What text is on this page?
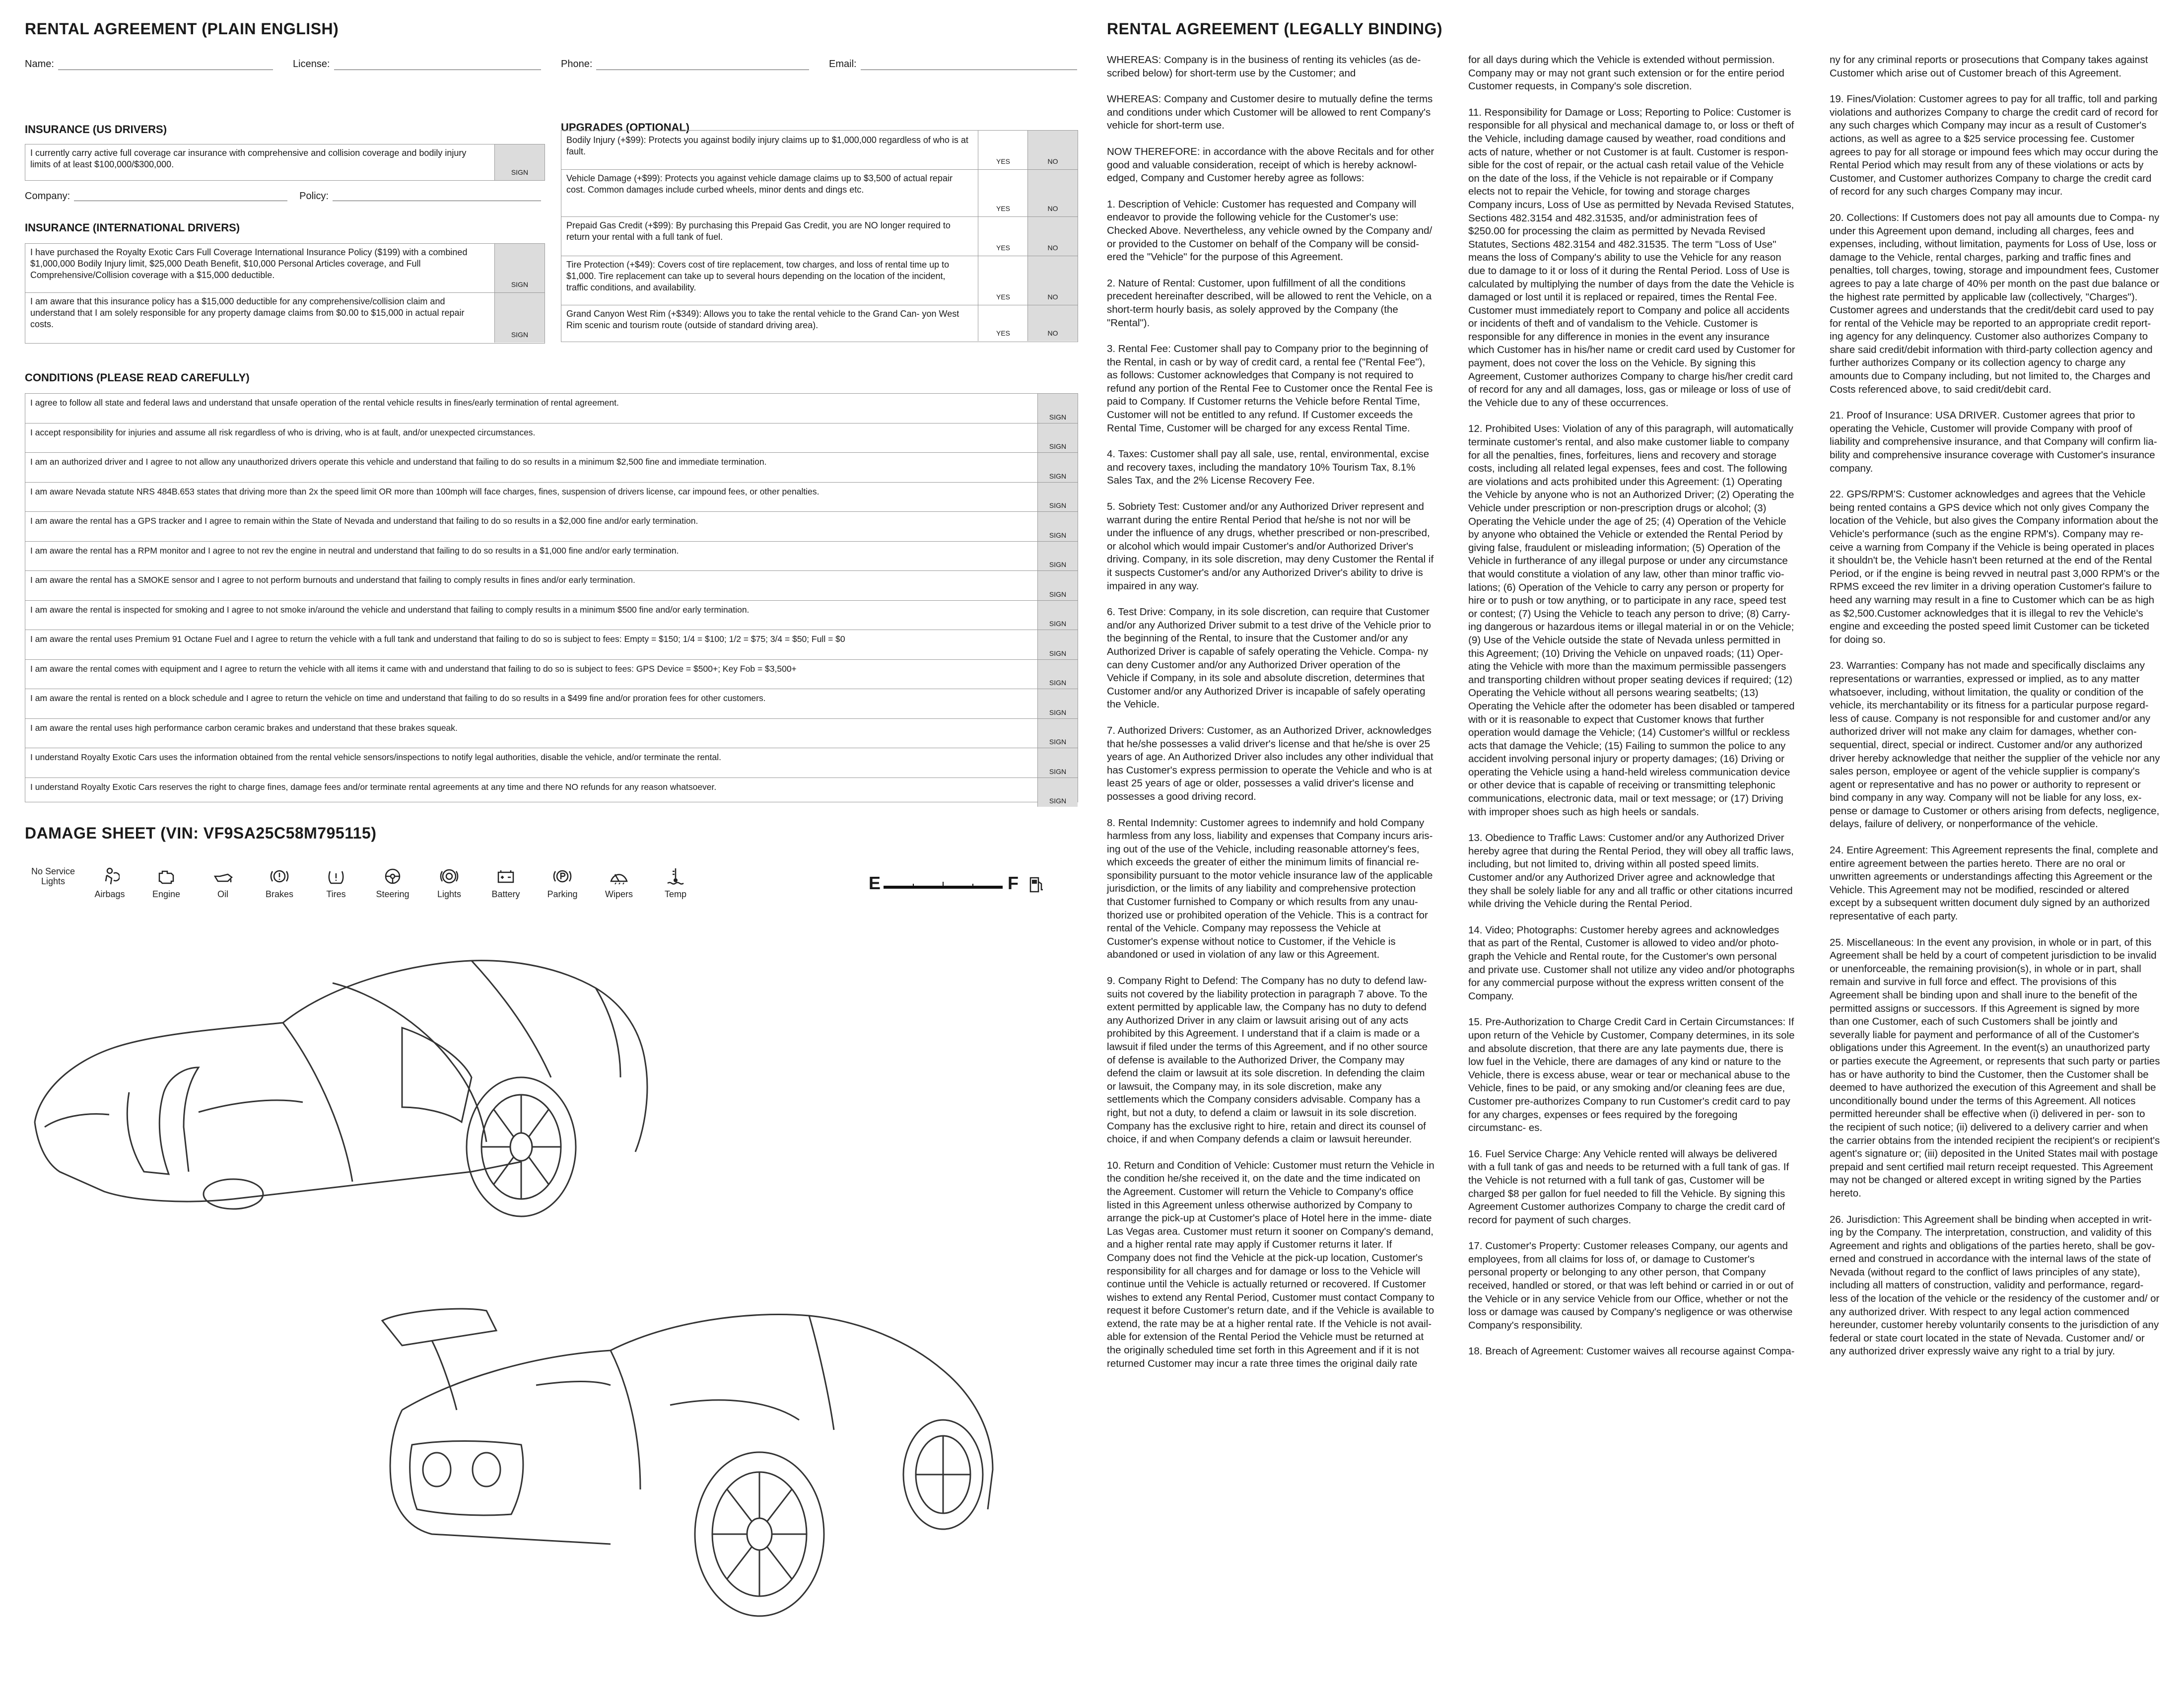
RENTAL AGREEMENT (PLAIN ENGLISH)
Name:	License:	Phone:	Email:
INSURANCE (US DRIVERS)
I currently carry active full coverage car insurance with comprehensive and collision coverage and bodily injury limits of at least $100,000/$300,000.
SIGN
Company:	Policy:
INSURANCE (INTERNATIONAL DRIVERS)
I have purchased the Royalty Exotic Cars Full Coverage International Insurance Policy ($199) with a combined $1,000,000 Bodily Injury limit, $25,000 Death Benefit, $10,000 Personal Articles coverage, and Full Comprehensive/Collision coverage with a $15,000 deductible.
SIGN
I am aware that this insurance policy has a $15,000 deductible for any comprehensive/collision claim and understand that I am solely responsible for any property damage claims from $0.00 to $15,000 in actual repair costs.
SIGN
UPGRADES (OPTIONAL)
Bodily Injury (+$99): Protects you against bodily injury claims up to $1,000,000 regardless of who is at fault.
YES	NO
Vehicle Damage (+$99): Protects you against vehicle damage claims up to $3,500 of actual repair cost. Common damages include curbed wheels, minor dents and dings etc.
YES	NO
Prepaid Gas Credit (+$99): By purchasing this Prepaid Gas Credit, you are NO longer required to return your rental with a full tank of fuel.
YES	NO
Tire Protection (+$49): Covers cost of tire replacement, tow charges, and loss of rental time up to $1,000. Tire replacement can take up to several hours depending on the location of the incident, traffic conditions, and availability.
YES	NO
Grand Canyon West Rim (+$349): Allows you to take the rental vehicle to the Grand Can- yon West Rim scenic and tourism route (outside of standard driving area).
YES	NO
CONDITIONS (PLEASE READ CAREFULLY)
I agree to follow all state and federal laws and understand that unsafe operation of the rental vehicle results in fines/early termination of rental agreement.
SIGN
I accept responsibility for injuries and assume all risk regardless of who is driving, who is at fault, and/or unexpected circumstances.
SIGN
I am an authorized driver and I agree to not allow any unauthorized drivers operate this vehicle and understand that failing to do so results in a minimum $2,500 fine and immediate termination.
SIGN
I am aware Nevada statute NRS 484B.653 states that driving more than 2x the speed limit OR more than 100mph will face charges, fines, suspension of drivers license, car impound fees, or other penalties.
SIGN
I am aware the rental has a GPS tracker and I agree to remain within the State of Nevada and understand that failing to do so results in a $2,000 fine and/or early termination.
SIGN
I am aware the rental has a RPM monitor and I agree to not rev the engine in neutral and understand that failing to do so results in a $1,000 fine and/or early termination.
SIGN
I am aware the rental has a SMOKE sensor and I agree to not perform burnouts and understand that failing to comply results in fines and/or early termination.
SIGN
I am aware the rental is inspected for smoking and I agree to not smoke in/around the vehicle and understand that failing to comply results in a minimum $500 fine and/or early termination.
SIGN
I am aware the rental uses Premium 91 Octane Fuel and I agree to return the vehicle with a full tank and understand that failing to do so is subject to fees: Empty = $150; 1/4 = $100; 1/2 = $75; 3/4 = $50; Full = $0
SIGN
I am aware the rental comes with equipment and I agree to return the vehicle with all items it came with and understand that failing to do so is subject to fees: GPS Device = $500+; Key Fob = $3,500+
SIGN
I am aware the rental is rented on a block schedule and I agree to return the vehicle on time and understand that failing to do so results in a $499 fine and/or proration fees for other customers.
SIGN
I am aware the rental uses high performance carbon ceramic brakes and understand that these brakes squeak.
SIGN
I understand Royalty Exotic Cars uses the information obtained from the rental vehicle sensors/inspections to notify legal authorities, disable the vehicle, and/or terminate the rental.
SIGN
I understand Royalty Exotic Cars reserves the right to charge fines, damage fees and/or terminate rental agreements at any time and there NO refunds for any reason whatsoever.
SIGN
DAMAGE SHEET (VIN: VF9SA25C58M795115)
No Service Lights
Airbags	Engine	Oil	Brakes	Tires	Steering	Lights	Battery	Parking	Wipers	Temp
E	F
RENTAL AGREEMENT (LEGALLY BINDING)

WHEREAS: Company is in the business of renting its vehicles (as de- scribed below) for short-term use by the Customer; and

WHEREAS: Company and Customer desire to mutually define the terms and conditions under which Customer will be allowed to rent Company's vehicle for short-term use.

NOW THEREFORE: in accordance with the above Recitals and for other good and valuable consideration, receipt of which is hereby acknowl- edged, Company and Customer hereby agree as follows:

1. Description of Vehicle: Customer has requested and Company will endeavor to provide the following vehicle for the Customer's use: Checked Above. Nevertheless, any vehicle owned by the Company and/ or provided to the Customer on behalf of the Company will be consid- ered the "Vehicle" for the purpose of this Agreement.

2. Nature of Rental: Customer, upon fulfillment of all the conditions precedent hereinafter described, will be allowed to rent the Vehicle, on a short-term hourly basis, as solely approved by the Company (the "Rental").

3. Rental Fee: Customer shall pay to Company prior to the beginning of the Rental, in cash or by way of credit card, a rental fee ("Rental Fee"), as follows: Customer acknowledges that Company is not required to refund any portion of the Rental Fee to Customer once the Rental Fee is paid to Company. If Customer returns the Vehicle before Rental Time, Customer will not be entitled to any refund. If Customer exceeds the Rental Time, Customer will be charged for any excess Rental Time.

4. Taxes: Customer shall pay all sale, use, rental, environmental, excise and recovery taxes, including the mandatory 10% Tourism Tax, 8.1% Sales Tax, and the 2% License Recovery Fee.

5. Sobriety Test: Customer and/or any Authorized Driver represent and warrant during the entire Rental Period that he/she is not nor will be under the influence of any drugs, whether prescribed or non-prescribed, or alcohol which would impair Customer's and/or Authorized Driver's driving. Company, in its sole discretion, may deny Customer the Rental if it suspects Customer's and/or any Authorized Driver's ability to drive is impaired in any way.

6. Test Drive: Company, in its sole discretion, can require that Customer and/or any Authorized Driver submit to a test drive of the Vehicle prior to the beginning of the Rental, to insure that the Customer and/or any Authorized Driver is capable of safely operating the Vehicle. Compa- ny can deny Customer and/or any Authorized Driver operation of the Vehicle if Company, in its sole and absolute discretion, determines that Customer and/or any Authorized Driver is incapable of safely operating the Vehicle.

7. Authorized Drivers: Customer, as an Authorized Driver, acknowledges that he/she possesses a valid driver's license and that he/she is over 25 years of age. An Authorized Driver also includes any other individual that has Customer's express permission to operate the Vehicle and who is at least 25 years of age or older, possesses a valid driver's license and possesses a good driving record.

8. Rental Indemnity: Customer agrees to indemnify and hold Company harmless from any loss, liability and expenses that Company incurs aris- ing out of the use of the Vehicle, including reasonable attorney's fees, which exceeds the greater of either the minimum limits of financial re- sponsibility pursuant to the motor vehicle insurance law of the applicable jurisdiction, or the limits of any liability and comprehensive protection that Customer furnished to Company or which results from any unau- thorized use or prohibited operation of the Vehicle. This is a contract for rental of the Vehicle. Company may repossess the Vehicle at Customer's expense without notice to Customer, if the Vehicle is abandoned or used in violation of any law or this Agreement.

9. Company Right to Defend: The Company has no duty to defend law- suits not covered by the liability protection in paragraph 7 above. To the extent permitted by applicable law, the Company has no duty to defend any Authorized Driver in any claim or lawsuit arising out of any acts prohibited by this Agreement. I understand that if a claim is made or a lawsuit if filed under the terms of this Agreement, and if no other source of defense is available to the Authorized Driver, the Company may defend the claim or lawsuit at its sole discretion. In defending the claim or lawsuit, the Company may, in its sole discretion, make any settlements which the Company considers advisable. Company has a right, but not a duty, to defend a claim or lawsuit in its sole discretion. Company has the exclusive right to hire, retain and direct its counsel of choice, if and when Company defends a claim or lawsuit hereunder.

10. Return and Condition of Vehicle: Customer must return the Vehicle in the condition he/she received it, on the date and the time indicated on the Agreement. Customer will return the Vehicle to Company's office listed in this Agreement unless otherwise authorized by Company to arrange the pick-up at Customer's place of Hotel here in the imme- diate Las Vegas area. Customer must return it sooner on Company's demand, and a higher rental rate may apply if Customer returns it later. If Company does not find the Vehicle at the pick-up location, Customer's responsibility for all charges and for damage or loss to the Vehicle will continue until the Vehicle is actually returned or recovered. If Customer wishes to extend any Rental Period, Customer must contact Company to request it before Customer's return date, and if the Vehicle is available to extend, the rate may be at a higher rental rate. If the Vehicle is not avail- able for extension of the Rental Period the Vehicle must be returned at the originally scheduled time set forth in this Agreement and if it is not returned Customer may incur a rate three times the original daily rate

for all days during which the Vehicle is extended without permission. Company may or may not grant such extension or for the entire period Customer requests, in Company's sole discretion.

11. Responsibility for Damage or Loss; Reporting to Police: Customer is responsible for all physical and mechanical damage to, or loss or theft of the Vehicle, including damage caused by weather, road conditions and acts of nature, whether or not Customer is at fault. Customer is respon- sible for the cost of repair, or the actual cash retail value of the Vehicle on the date of the loss, if the Vehicle is not repairable or if Company elects not to repair the Vehicle, for towing and storage charges Company incurs, Loss of Use as permitted by Nevada Revised Statutes, Sections 482.3154 and 482.31535, and/or administration fees of $250.00 for processing the claim as permitted by Nevada Revised Statutes, Sections 482.3154 and 482.31535. The term "Loss of Use" means the loss of Company's ability to use the Vehicle for any reason due to damage to it or loss of it during the Rental Period. Loss of Use is calculated by multiplying the number of days from the date the Vehicle is damaged or lost until it is replaced or repaired, times the Rental Fee. Customer must immediately report to Company and police all accidents or incidents of theft and of vandalism to the Vehicle. Customer is responsible for any difference in monies in the event any insurance which Customer has in his/her name or credit card used by Customer for payment, does not cover the loss on the Vehicle. By signing this Agreement, Customer authorizes Company to charge his/her credit card of record for any and all damages, loss, gas or mileage or loss of use of the Vehicle due to any of these occurrences.

12. Prohibited Uses: Violation of any of this paragraph, will automatically terminate customer's rental, and also make customer liable to company for all the penalties, fines, forfeitures, liens and recovery and storage costs, including all related legal expenses, fees and cost. The following are violations and acts prohibited under this Agreement: (1) Operating the Vehicle by anyone who is not an Authorized Driver; (2) Operating the Vehicle under prescription or non-prescription drugs or alcohol; (3) Operating the Vehicle under the age of 25; (4) Operation of the Vehicle by anyone who obtained the Vehicle or extended the Rental Period by giving false, fraudulent or misleading information; (5) Operation of the Vehicle in furtherance of any illegal purpose or under any circumstance that would constitute a violation of any law, other than minor traffic vio- lations; (6) Operation of the Vehicle to carry any person or property for hire or to push or tow anything, or to participate in any race, speed test or contest; (7) Using the Vehicle to teach any person to drive; (8) Carry- ing dangerous or hazardous items or illegal material in or on the Vehicle; (9) Use of the Vehicle outside the state of Nevada unless permitted in this Agreement; (10) Driving the Vehicle on unpaved roads; (11) Oper- ating the Vehicle with more than the maximum permissible passengers and transporting children without proper seating devices if required; (12) Operating the Vehicle without all persons wearing seatbelts; (13) Operating the Vehicle after the odometer has been disabled or tampered with or it is reasonable to expect that Customer knows that further operation would damage the Vehicle; (14) Customer's willful or reckless acts that damage the Vehicle; (15) Failing to summon the police to any accident involving personal injury or property damages; (16) Driving or operating the Vehicle using a hand-held wireless communication device or other device that is capable of receiving or transmitting telephonic communications, electronic data, mail or text message; or (17) Driving with improper shoes such as high heels or sandals.

13. Obedience to Traffic Laws: Customer and/or any Authorized Driver hereby agree that during the Rental Period, they will obey all traffic laws, including, but not limited to, driving within all posted speed limits. Customer and/or any Authorized Driver agree and acknowledge that they shall be solely liable for any and all traffic or other citations incurred while driving the Vehicle during the Rental Period.

14. Video; Photographs: Customer hereby agrees and acknowledges that as part of the Rental, Customer is allowed to video and/or photo- graph the Vehicle and Rental route, for the Customer's own personal and private use. Customer shall not utilize any video and/or photographs for any commercial purpose without the express written consent of the Company.

15. Pre-Authorization to Charge Credit Card in Certain Circumstances: If upon return of the Vehicle by Customer, Company determines, in its sole and absolute discretion, that there are any late payments due, there is low fuel in the Vehicle, there are damages of any kind or nature to the Vehicle, there is excess abuse, wear or tear or mechanical abuse to the Vehicle, fines to be paid, or any smoking and/or cleaning fees are due, Customer pre-authorizes Company to run Customer's credit card to pay for any charges, expenses or fees required by the foregoing circumstanc- es.

16. Fuel Service Charge: Any Vehicle rented will always be delivered with a full tank of gas and needs to be returned with a full tank of gas. If the Vehicle is not returned with a full tank of gas, Customer will be charged $8 per gallon for fuel needed to fill the Vehicle. By signing this Agreement Customer authorizes Company to charge the credit card of record for payment of such charges.

17. Customer's Property: Customer releases Company, our agents and employees, from all claims for loss of, or damage to Customer's personal property or belonging to any other person, that Company received, handled or stored, or that was left behind or carried in or out of the Vehicle or in any service Vehicle from our Office, whether or not the loss or damage was caused by Company's negligence or was otherwise Company's responsibility.

18. Breach of Agreement: Customer waives all recourse against Compa-

ny for any criminal reports or prosecutions that Company takes against Customer which arise out of Customer breach of this Agreement.

19. Fines/Violation: Customer agrees to pay for all traffic, toll and parking violations and authorizes Company to charge the credit card of record for any such charges which Company may incur as a result of Customer's actions, as well as agree to a $25 service processing fee. Customer agrees to pay for all storage or impound fees which may occur during the Rental Period which may result from any of these violations or acts by Customer, and Customer authorizes Company to charge the credit card of record for any such charges Company may incur.

20. Collections: If Customers does not pay all amounts due to Compa- ny under this Agreement upon demand, including all charges, fees and expenses, including, without limitation, payments for Loss of Use, loss or damage to the Vehicle, rental charges, parking and traffic fines and penalties, toll charges, towing, storage and impoundment fees, Customer agrees to pay a late charge of 40% per month on the past due balance or the highest rate permitted by applicable law (collectively, "Charges"). Customer agrees and understands that the credit/debit card used to pay for rental of the Vehicle may be reported to an appropriate credit report- ing agency for any delinquency. Customer also authorizes Company to share said credit/debit information with third-party collection agency and further authorizes Company or its collection agency to charge any amounts due to Company including, but not limited to, the Charges and Costs referenced above, to said credit/debit card.

21. Proof of Insurance: USA DRIVER. Customer agrees that prior to operating the Vehicle, Customer will provide Company with proof of liability and comprehensive insurance, and that Company will confirm lia- bility and comprehensive insurance coverage with Customer's insurance company.

22. GPS/RPM'S: Customer acknowledges and agrees that the Vehicle being rented contains a GPS device which not only gives Company the location of the Vehicle, but also gives the Company information about the Vehicle's performance (such as the engine RPM's). Company may re- ceive a warning from Company if the Vehicle is being operated in places it shouldn't be, the Vehicle hasn't been returned at the end of the Rental Period, or if the engine is being revved in neutral past 3,000 RPM's or the RPMS exceed the rev limiter in a driving operation Customer's failure to heed any warning may result in a fine to Customer which can be as high as $2,500.Customer acknowledges that it is illegal to rev the Vehicle's engine and exceeding the posted speed limit Customer can be ticketed for doing so.

23. Warranties: Company has not made and specifically disclaims any representations or warranties, expressed or implied, as to any matter whatsoever, including, without limitation, the quality or condition of the vehicle, its merchantability or its fitness for a particular purpose regard- less of cause. Company is not responsible for and customer and/or any authorized driver will not make any claim for damages, whether con- sequential, direct, special or indirect. Customer and/or any authorized driver hereby acknowledge that neither the supplier of the vehicle nor any sales person, employee or agent of the vehicle supplier is company's agent or representative and has no power or authority to represent or bind company in any way. Company will not be liable for any loss, ex- pense or damage to Customer or others arising from defects, negligence, delays, failure of delivery, or nonperformance of the vehicle.

24. Entire Agreement: This Agreement represents the final, complete and entire agreement between the parties hereto. There are no oral or unwritten agreements or understandings affecting this Agreement or the Vehicle. This Agreement may not be modified, rescinded or altered except by a subsequent written document duly signed by an authorized representative of each party.

25. Miscellaneous: In the event any provision, in whole or in part, of this Agreement shall be held by a court of competent jurisdiction to be invalid or unenforceable, the remaining provision(s), in whole or in part, shall remain and survive in full force and effect. The provisions of this Agreement shall be binding upon and shall inure to the benefit of the permitted assigns or successors. If this Agreement is signed by more than one Customer, each of such Customers shall be jointly and severally liable for payment and performance of all of the Customer's obligations under this Agreement. In the event(s) an unauthorized party or parties execute the Agreement, or represents that such party or parties has or have authority to bind the Customer, then the Customer shall be deemed to have authorized the execution of this Agreement and shall be unconditionally bound under the terms of this Agreement. All notices permitted hereunder shall be effective when (i) delivered in per- son to the recipient of such notice; (ii) delivered to a delivery carrier and when the carrier obtains from the intended recipient the recipient's or recipient's agent's signature or; (iii) deposited in the United States mail with postage prepaid and sent certified mail return receipt requested. This Agreement may not be changed or altered except in writing signed by the Parties hereto.

26. Jurisdiction: This Agreement shall be binding when accepted in writ- ing by the Company. The interpretation, construction, and validity of this Agreement and rights and obligations of the parties hereto, shall be gov- erned and construed in accordance with the internal laws of the state of Nevada (without regard to the conflict of laws principles of any state), including all matters of construction, validity and performance, regard- less of the location of the vehicle or the residency of the customer and/ or any authorized driver. With respect to any legal action commenced hereunder, customer hereby voluntarily consents to the jurisdiction of any federal or state court located in the state of Nevada. Customer and/ or any authorized driver expressly waive any right to a trial by jury.
